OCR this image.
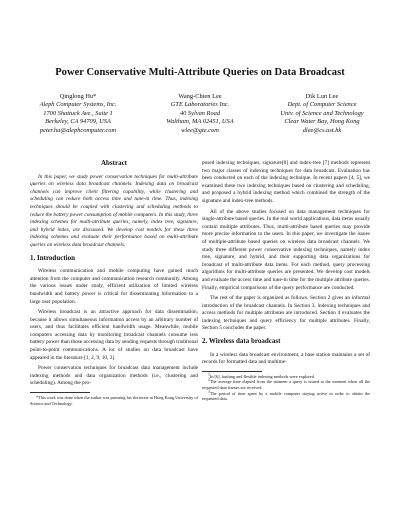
Power Conservative Multi-Attribute Queries on Data Broadcast
Qinglong Hu*
Aleph Computer Systems, Inc.
1700 Shattuck Ave., Suite 1
Berkeley, CA 94709, USA
peter.hu@alephcomputer.com
Wang-Chien Lee
GTE Laboratories Inc.
40 Sylvan Road
Waltham, MA 02451, USA
wlee@gte.com
Dik Lun Lee
Dept. of Computer Science
Univ. of Science and Technology
Clear Water Bay, Hong Kong
dlee@cs.ust.hk
Abstract

In this paper, we study power conservation techniques for multi-attribute queries on wireless data broadcast channels. Indexing data on broadcast channels can improve client filtering capability, while clustering and scheduling can reduce both access time and tune-in time. Thus, indexing techniques should be coupled with clustering and scheduling methods to reduce the battery power consumption of mobile computers. In this study, three indexing schemes for multi-attribute queries, namely, index tree, signature, and hybrid index, are discussed. We develop cost models for these three indexing schemes and evaluate their performance based on multi-attribute queries on wireless data broadcast channels.

1. Introduction

Wireless communication and mobile computing have gained much attention from the computer and communication research community. Among the various issues under study, efficient utilization of limited wireless bandwidth and battery power is critical for disseminating information to a large user population.

Wireless broadcast is an attractive approach for data dissemination, because it allows simultaneous information access by an arbitrary number of users, and thus facilitates efficient bandwidth usage. Meanwhile, mobile computers accessing data by monitoring broadcast channels consume less battery power than those accessing data by sending requests through traditional point-to-point communications. A lot of studies on data broadcast have appeared in the literature [1, 2, 9, 10, 3].

Power conservation techniques for broadcast data management include indexing methods and data organization methods (i.e., clustering and scheduling). Among the pro-

*This work was done when the author was pursuing his doctorate at Hong Kong University of Science and Technology.

posed indexing techniques, signature[8] and index-tree [7] methods represent two major classes of indexing techniques for data broadcast. Evaluation has been conducted on each of the indexing technique. In recent papers [4, 5], we examined these two indexing techniques based on clustering and scheduling, and proposed a hybrid indexing method which combined the strength of the signature and index-tree methods.

All of the above studies focused on data management techniques for single-attribute based queries. In the real world applications, data items usually contain multiple attributes. Thus, multi-attribute based queries may provide more precise information to the users. In this paper, we investigate the issues of multiple-attribute based queries on wireless data broadcast channels. We study three different power conservative indexing techniques, namely index tree, signature, and hybrid, and their supporting data organizations for broadcast of multi-attribute data items. For each method, query processing algorithms for multi-attribute queries are presented. We develop cost models and evaluate the access time and tune-in time for the multiple attribute queries. Finally, empirical comparisons of the query performance are conducted.

The rest of the paper is organized as follows. Section 2 gives an informal introduction of the broadcast channels. In Section 3, indexing techniques and access methods for multiple attributes are introduced. Section 4 evaluates the indexing techniques and query efficiency for multiple attributes. Finally, Section 5 concludes the paper.

2. Wireless data broadcast

In a wireless data broadcast environment, a base station maintains a set of records for formatted data and multime-

$^1$In [6], hashing and flexible indexing methods were explored.

$^2$The average time elapsed from the moment a query is issued to the moment when all the requested data frames are received.

$^3$The period of time spent by a mobile computer staying active in order to obtain the requested data.
